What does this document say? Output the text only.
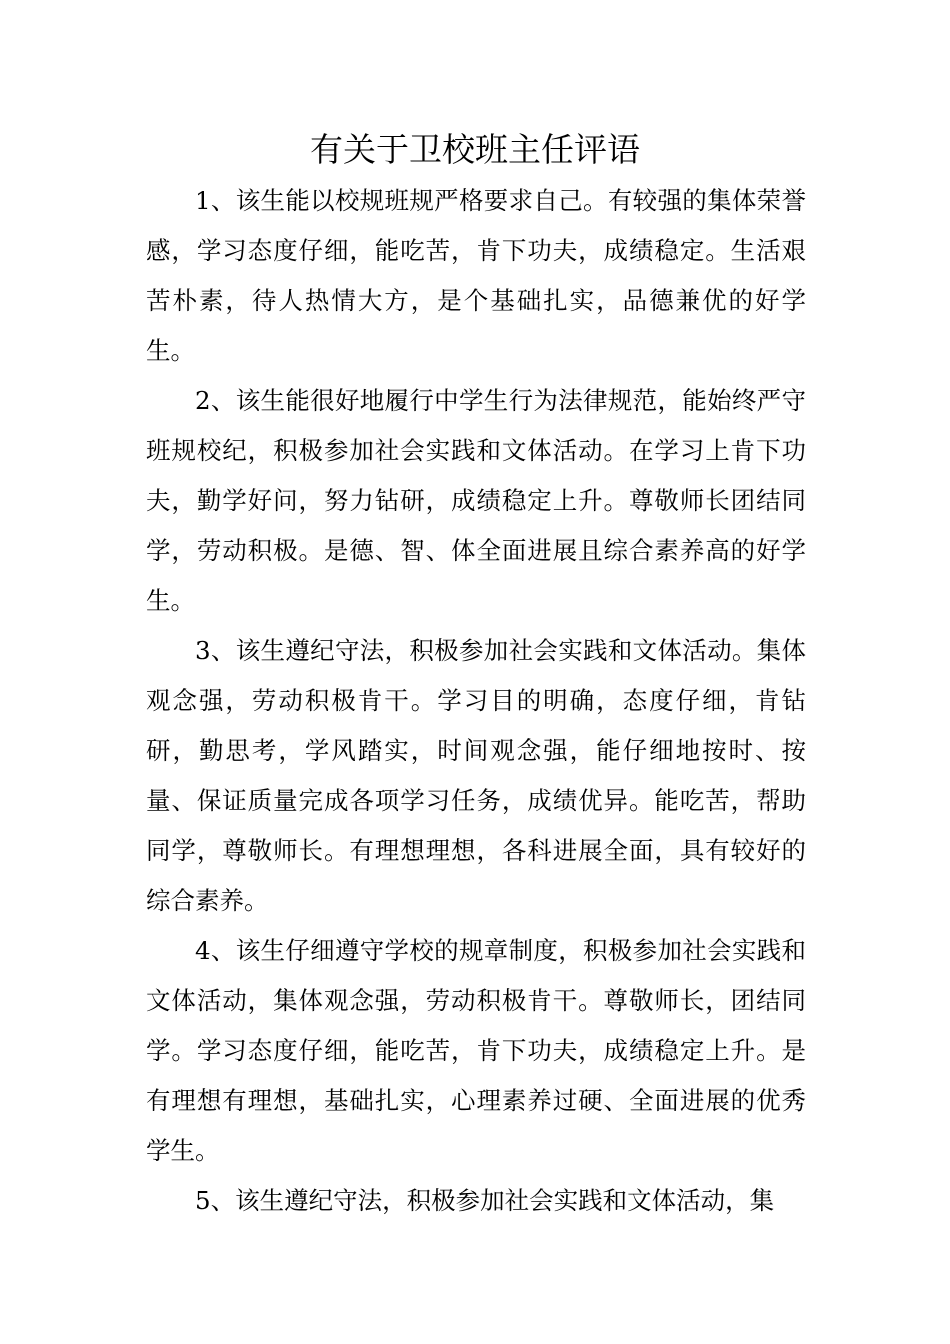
有关于卫校班主任评语

1、该生能以校规班规严格要求自己。有较强的集体荣誉感，学习态度仔细，能吃苦，肯下功夫，成绩稳定。生活艰苦朴素，待人热情大方，是个基础扎实，品德兼优的好学生。

2、该生能很好地履行中学生行为法律规范，能始终严守班规校纪，积极参加社会实践和文体活动。在学习上肯下功夫，勤学好问，努力钻研，成绩稳定上升。尊敬师长团结同学，劳动积极。是德、智、体全面进展且综合素养高的好学生。

3、该生遵纪守法，积极参加社会实践和文体活动。集体观念强，劳动积极肯干。学习目的明确，态度仔细，肯钻研，勤思考，学风踏实，时间观念强，能仔细地按时、按量、保证质量完成各项学习任务，成绩优异。能吃苦，帮助同学，尊敬师长。有理想理想，各科进展全面，具有较好的综合素养。

4、该生仔细遵守学校的规章制度，积极参加社会实践和文体活动，集体观念强，劳动积极肯干。尊敬师长，团结同学。学习态度仔细，能吃苦，肯下功夫，成绩稳定上升。是有理想有理想，基础扎实，心理素养过硬、全面进展的优秀学生。

5、该生遵纪守法，积极参加社会实践和文体活动，集
